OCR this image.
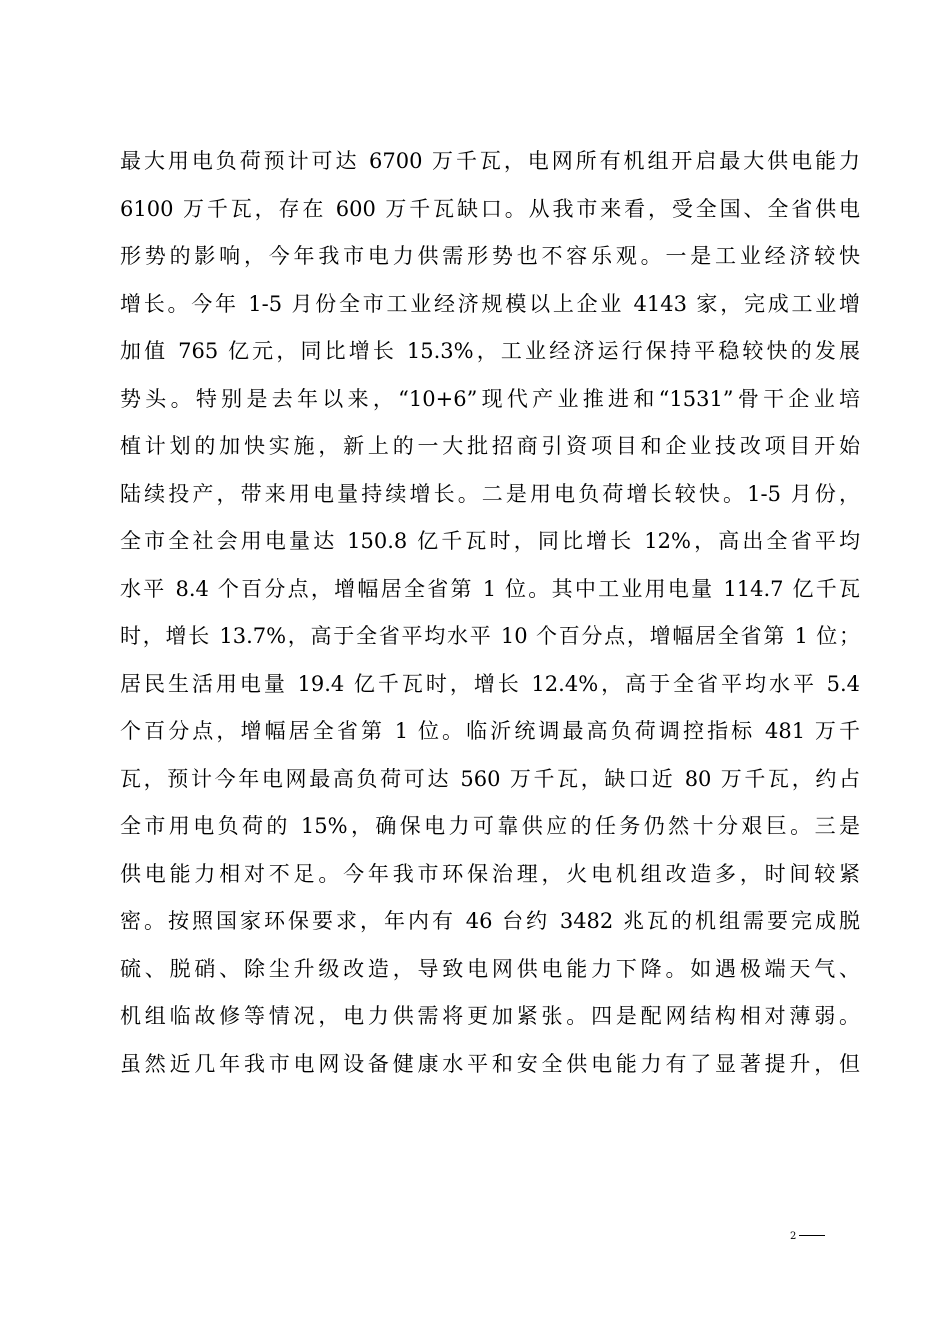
最大用电负荷预计可达 6700 万千瓦，电网所有机组开启最大供电能力
6100 万千瓦，存在 600 万千瓦缺口。从我市来看，受全国、全省供电
形势的影响，今年我市电力供需形势也不容乐观。一是工业经济较快
增长。今年 1-5 月份全市工业经济规模以上企业 4143 家，完成工业增
加值 765 亿元，同比增长 15.3%，工业经济运行保持平稳较快的发展
势头。特别是去年以来，“10+6”现代产业推进和“1531”骨干企业培
植计划的加快实施，新上的一大批招商引资项目和企业技改项目开始
陆续投产，带来用电量持续增长。二是用电负荷增长较快。1-5 月份，
全市全社会用电量达 150.8 亿千瓦时，同比增长 12%，高出全省平均
水平 8.4 个百分点，增幅居全省第 1 位。其中工业用电量 114.7 亿千瓦
时，增长 13.7%，高于全省平均水平 10 个百分点，增幅居全省第 1 位；
居民生活用电量 19.4 亿千瓦时，增长 12.4%，高于全省平均水平 5.4
个百分点，增幅居全省第 1 位。临沂统调最高负荷调控指标 481 万千
瓦，预计今年电网最高负荷可达 560 万千瓦，缺口近 80 万千瓦，约占
全市用电负荷的 15%，确保电力可靠供应的任务仍然十分艰巨。三是
供电能力相对不足。今年我市环保治理，火电机组改造多，时间较紧
密。按照国家环保要求，年内有 46 台约 3482 兆瓦的机组需要完成脱
硫、脱硝、除尘升级改造，导致电网供电能力下降。如遇极端天气、
机组临故修等情况，电力供需将更加紧张。四是配网结构相对薄弱。
虽然近几年我市电网设备健康水平和安全供电能力有了显著提升，但
2
